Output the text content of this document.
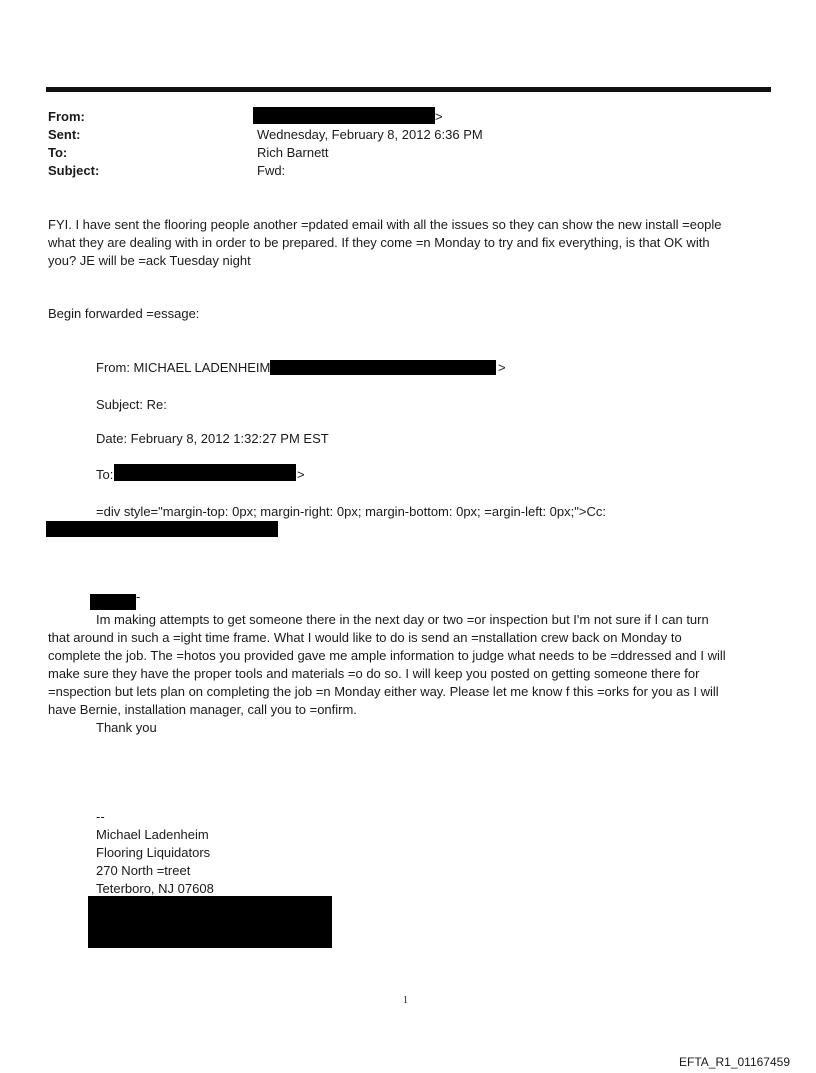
From:	>
Sent:	Wednesday, February 8, 2012 6:36 PM
To:	Rich Barnett
Subject:	Fwd:
FYI. I have sent the flooring people another =pdated email with all the issues so they can show the new install =eople
what they are dealing with in order to be prepared. If they come =n Monday to try and fix everything, is that OK with
you? JE will be =ack Tuesday night
Begin forwarded =essage:
From: MICHAEL LADENHEIM	>
Subject: Re:
Date: February 8, 2012 1:32:27 PM EST
To:	>
=div style="margin-top: 0px; margin-right: 0px; margin-bottom: 0px; =argin-left: 0px;">Cc:
-
Im making attempts to get someone there in the next day or two =or inspection but I'm not sure if I can turn
that around in such a =ight time frame. What I would like to do is send an =nstallation crew back on Monday to
complete the job. The =hotos you provided gave me ample information to judge what needs to be =ddressed and I will
make sure they have the proper tools and materials =o do so. I will keep you posted on getting someone there for
=nspection but lets plan on completing the job =n Monday either way. Please let me know f this =orks for you as I will
have Bernie, installation manager, call you to =onfirm.
Thank you
--
Michael Ladenheim
Flooring Liquidators
270 North =treet
Teterboro, NJ 07608
1
EFTA_R1_01167459
